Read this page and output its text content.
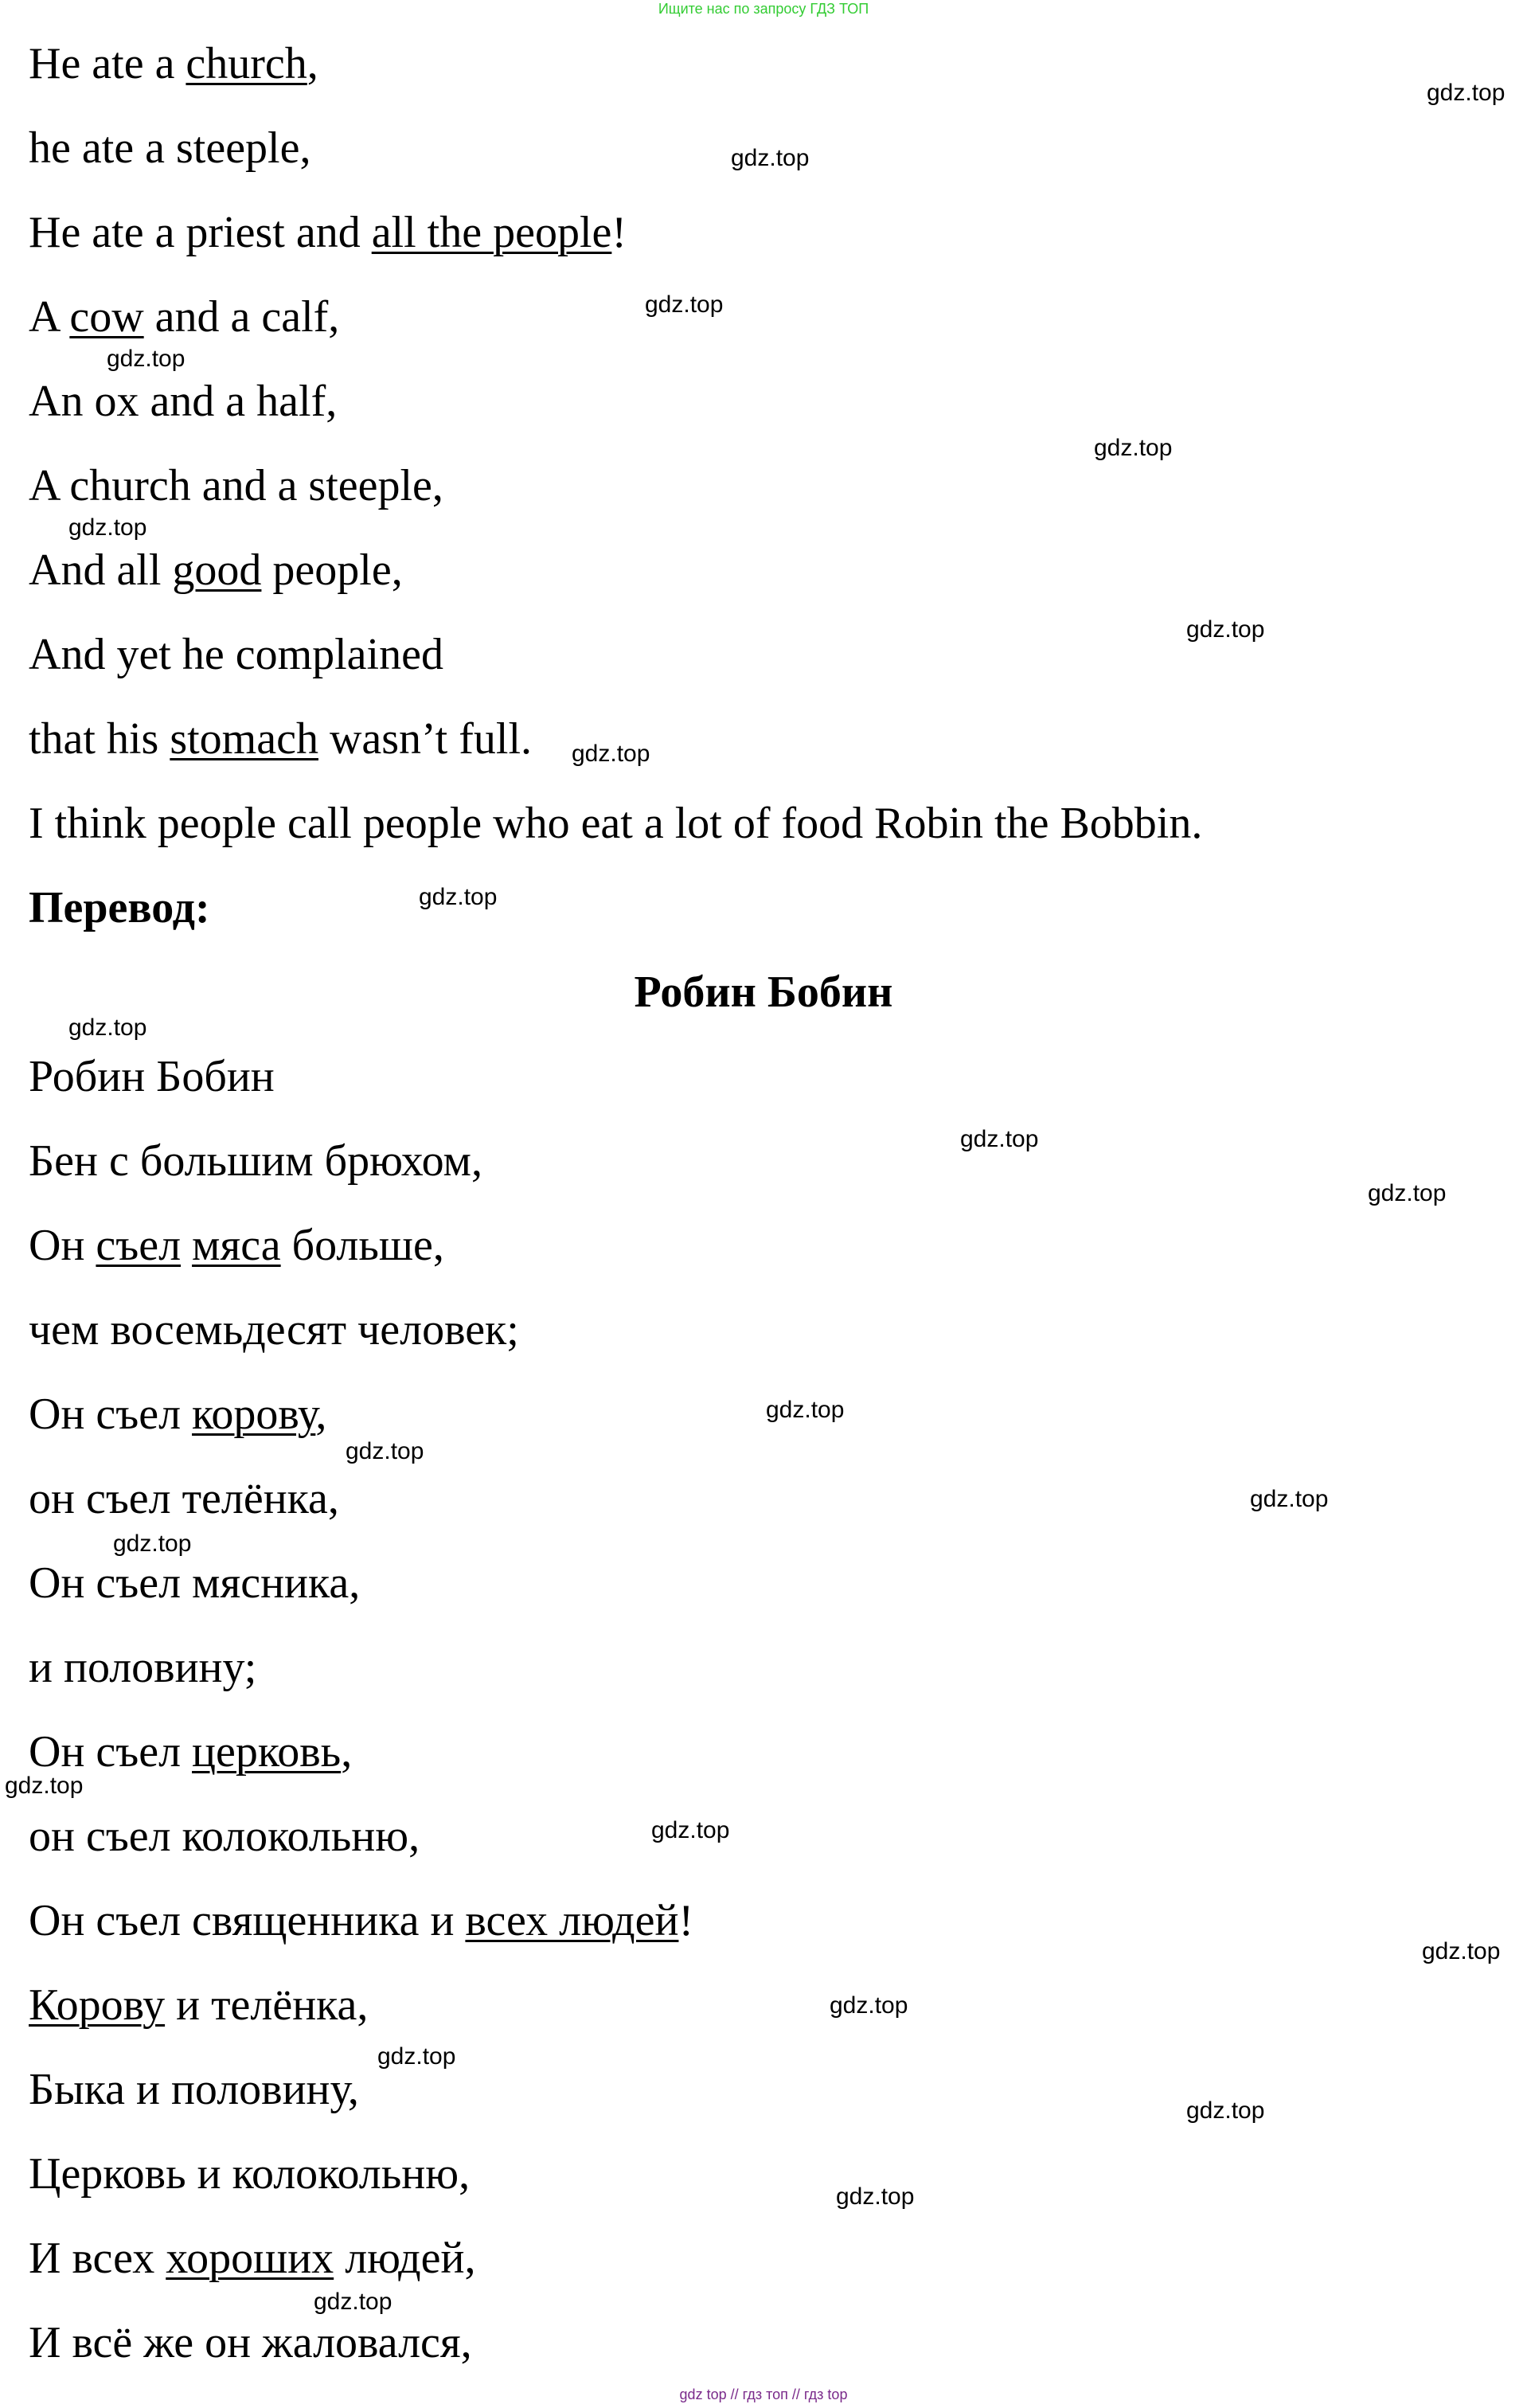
Ищите нас по запросу ГДЗ ТОП
He ate a church,
he ate a steeple,
He ate a priest and all the people!
A cow and a calf,
An ox and a half,
A church and a steeple,
And all good people,
And yet he complained
that his stomach wasn’t full.
I think people call people who eat a lot of food Robin the Bobbin.
Перевод:
Робин Бобин
Робин Бобин
Бен с большим брюхом,
Он съел мяса больше,
чем восемьдесят человек;
Он съел корову,
он съел телёнка,
Он съел мясника,
и половину;
Он съел церковь,
он съел колокольню,
Он съел священника и всех людей!
Корову и телёнка,
Быка и половину,
Церковь и колокольню,
И всех хороших людей,
И всё же он жаловался,
gdz.top
gdz.top
gdz.top
gdz.top
gdz.top
gdz.top
gdz.top
gdz.top
gdz.top
gdz.top
gdz.top
gdz.top
gdz.top
gdz.top
gdz.top
gdz.top
gdz.top
gdz.top
gdz.top
gdz.top
gdz.top
gdz.top
gdz.top
gdz.top
gdz top // гдз топ // гдз top
